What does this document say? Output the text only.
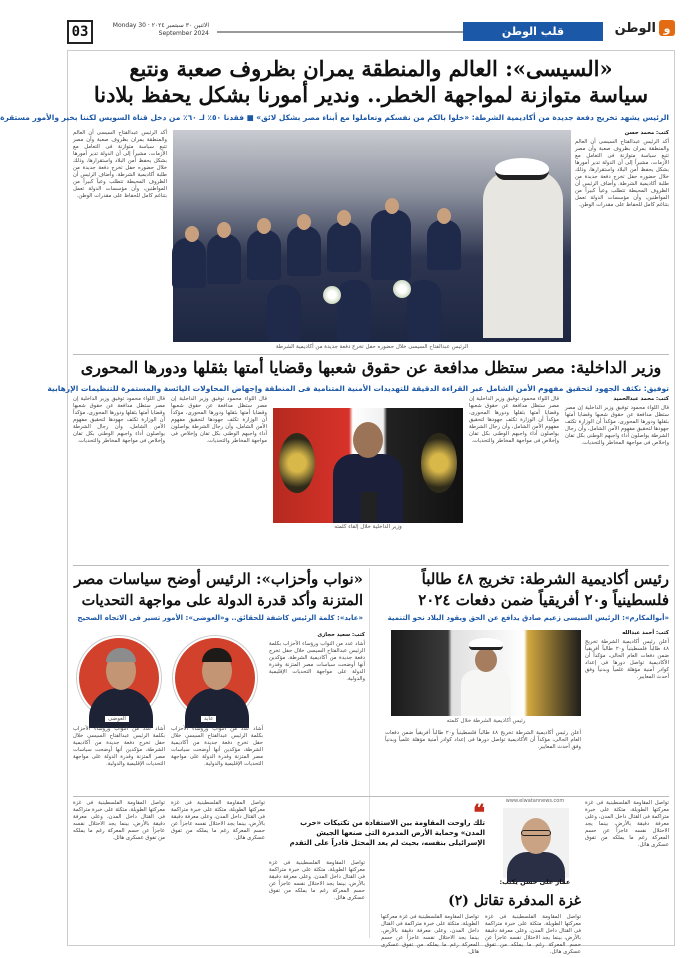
03	الاثنين ٣٠ سبتمبر ٢٠٢٤ · Monday 30 September 2024	قلب الوطن	و
الوطن
«السيسى»: العالم والمنطقة يمران بظروف صعبة ونتبع
سياسة متوازنة لمواجهة الخطر.. وندير أمورنا بشكل يحفظ بلادنا
الرئيس يشهد تخريج دفعة جديدة من أكاديمية الشرطة: «خلوا بالكم من نفسكم وتعاملوا مع أبناء مصر بشكل لائق» ■ فقدنا ٥٠٪ لـ ٦٠٪ من دخل قناة السويس لكننا بخير والأمور مستقرة
الرئيس عبدالفتاح السيسى خلال حضوره حفل تخرج دفعة جديدة من أكاديمية الشرطة
كتب: محمد حسن
أكد الرئيس عبدالفتاح السيسى أن العالم والمنطقة يمران بظروف صعبة وأن مصر تتبع سياسة متوازنة فى التعامل مع الأزمات، مشيراً إلى أن الدولة تدير أمورها بشكل يحفظ أمن البلاد واستقرارها، وذلك خلال حضوره حفل تخرج دفعة جديدة من طلبة أكاديمية الشرطة. وأضاف الرئيس أن الظروف المحيطة تتطلب وعياً كبيراً من المواطنين، وأن مؤسسات الدولة تعمل بتناغم كامل للحفاظ على مقدرات الوطن.
أكد الرئيس عبدالفتاح السيسى أن العالم والمنطقة يمران بظروف صعبة وأن مصر تتبع سياسة متوازنة فى التعامل مع الأزمات، مشيراً إلى أن الدولة تدير أمورها بشكل يحفظ أمن البلاد واستقرارها، وذلك خلال حضوره حفل تخرج دفعة جديدة من طلبة أكاديمية الشرطة. وأضاف الرئيس أن الظروف المحيطة تتطلب وعياً كبيراً من المواطنين، وأن مؤسسات الدولة تعمل بتناغم كامل للحفاظ على مقدرات الوطن.
وزير الداخلية: مصر ستظل مدافعة عن حقوق شعبها وقضايا أمتها بثقلها ودورها المحورى
توفيق: نكثف الجهود لتحقيق مفهوم الأمن الشامل عبر القراءة الدقيقة للتهديدات الأمنية المتنامية فى المنطقة وإجهاض المحاولات اليائسة والمستمرة للتنظيمات الإرهابية
وزير الداخلية خلال إلقاء كلمته
كتب: محمد عبدالحميد
قال اللواء محمود توفيق وزير الداخلية إن مصر ستظل مدافعة عن حقوق شعبها وقضايا أمتها بثقلها ودورها المحورى، مؤكداً أن الوزارة تكثف جهودها لتحقيق مفهوم الأمن الشامل، وأن رجال الشرطة يواصلون أداء واجبهم الوطنى بكل تفان وإخلاص فى مواجهة المخاطر والتحديات.
قال اللواء محمود توفيق وزير الداخلية إن مصر ستظل مدافعة عن حقوق شعبها وقضايا أمتها بثقلها ودورها المحورى، مؤكداً أن الوزارة تكثف جهودها لتحقيق مفهوم الأمن الشامل، وأن رجال الشرطة يواصلون أداء واجبهم الوطنى بكل تفان وإخلاص فى مواجهة المخاطر والتحديات.
قال اللواء محمود توفيق وزير الداخلية إن مصر ستظل مدافعة عن حقوق شعبها وقضايا أمتها بثقلها ودورها المحورى، مؤكداً أن الوزارة تكثف جهودها لتحقيق مفهوم الأمن الشامل، وأن رجال الشرطة يواصلون أداء واجبهم الوطنى بكل تفان وإخلاص فى مواجهة المخاطر والتحديات.
قال اللواء محمود توفيق وزير الداخلية إن مصر ستظل مدافعة عن حقوق شعبها وقضايا أمتها بثقلها ودورها المحورى، مؤكداً أن الوزارة تكثف جهودها لتحقيق مفهوم الأمن الشامل، وأن رجال الشرطة يواصلون أداء واجبهم الوطنى بكل تفان وإخلاص فى مواجهة المخاطر والتحديات.
رئيس أكاديمية الشرطة: تخريج ٤٨ طالباً
فلسطينياً و٢٠ أفريقياً ضمن دفعات ٢٠٢٤
«أبوالمكارم»: الرئيس السيسى زعيم صادق يدافع عن الحق ويقود البلاد نحو التنمية
رئيس أكاديمية الشرطة خلال كلمته
كتب: أحمد عبدالله
أعلن رئيس أكاديمية الشرطة تخريج ٤٨ طالباً فلسطينياً و٢٠ طالباً أفريقياً ضمن دفعات العام الحالى، مؤكداً أن الأكاديمية تواصل دورها فى إعداد كوادر أمنية مؤهلة علمياً وبدنياً وفق أحدث المعايير.
أعلن رئيس أكاديمية الشرطة تخريج ٤٨ طالباً فلسطينياً و٢٠ طالباً أفريقياً ضمن دفعات العام الحالى، مؤكداً أن الأكاديمية تواصل دورها فى إعداد كوادر أمنية مؤهلة علمياً وبدنياً وفق أحدث المعايير.
«نواب وأحزاب»: الرئيس أوضح سياسات مصر
المتزنة وأكد قدرة الدولة على مواجهة التحديات
«عابد»: كلمة الرئيس كاشفة للحقائق.. و«العوضى»: الأمور تسير فى الاتجاه الصحيح
عابد
العوضى
أشاد عدد من النواب ورؤساء الأحزاب بكلمة الرئيس عبدالفتاح السيسى خلال حفل تخرج دفعة جديدة من أكاديمية الشرطة، مؤكدين أنها أوضحت سياسات مصر المتزنة وقدرة الدولة على مواجهة التحديات الإقليمية والدولية.
أشاد عدد من النواب ورؤساء الأحزاب بكلمة الرئيس عبدالفتاح السيسى خلال حفل تخرج دفعة جديدة من أكاديمية الشرطة، مؤكدين أنها أوضحت سياسات مصر المتزنة وقدرة الدولة على مواجهة التحديات الإقليمية والدولية.
كتب: سعيد حجازى
أشاد عدد من النواب ورؤساء الأحزاب بكلمة الرئيس عبدالفتاح السيسى خلال حفل تخرج دفعة جديدة من أكاديمية الشرطة، مؤكدين أنها أوضحت سياسات مصر المتزنة وقدرة الدولة على مواجهة التحديات الإقليمية والدولية.
www.elwatannews.com
عمار على حسن يكتب:
❝
تلك راوحت المقاومة بين الاستفادة من تكتيكات «حرب المدن» وحماية الأرض المدمرة التى صنعها الجيش الإسرائيلى بنفسه، بحيث لم يعد المحتل قادراً على التقدم
غزة المدفرة تقاتل (٢)
تواصل المقاومة الفلسطينية فى غزة معركتها الطويلة، متكئة على خبرة متراكمة فى القتال داخل المدن، وعلى معرفة دقيقة بالأرض، بينما يجد الاحتلال نفسه عاجزاً عن حسم المعركة رغم ما يملكه من تفوق عسكرى هائل.
تواصل المقاومة الفلسطينية فى غزة معركتها الطويلة، متكئة على خبرة متراكمة فى القتال داخل المدن، وعلى معرفة دقيقة بالأرض، بينما يجد الاحتلال نفسه عاجزاً عن حسم المعركة رغم ما يملكه من تفوق عسكرى هائل.
تواصل المقاومة الفلسطينية فى غزة معركتها الطويلة، متكئة على خبرة متراكمة فى القتال داخل المدن، وعلى معرفة دقيقة بالأرض، بينما يجد الاحتلال نفسه عاجزاً عن حسم المعركة رغم ما يملكه من تفوق عسكرى هائل.
تواصل المقاومة الفلسطينية فى غزة معركتها الطويلة، متكئة على خبرة متراكمة فى القتال داخل المدن، وعلى معرفة دقيقة بالأرض، بينما يجد الاحتلال نفسه عاجزاً عن حسم المعركة رغم ما يملكه من تفوق عسكرى هائل.
تواصل المقاومة الفلسطينية فى غزة معركتها الطويلة، متكئة على خبرة متراكمة فى القتال داخل المدن، وعلى معرفة دقيقة بالأرض، بينما يجد الاحتلال نفسه عاجزاً عن حسم المعركة رغم ما يملكه من تفوق عسكرى هائل.
تواصل المقاومة الفلسطينية فى غزة معركتها الطويلة، متكئة على خبرة متراكمة فى القتال داخل المدن، وعلى معرفة دقيقة بالأرض، بينما يجد الاحتلال نفسه عاجزاً عن حسم المعركة رغم ما يملكه من تفوق عسكرى هائل.
